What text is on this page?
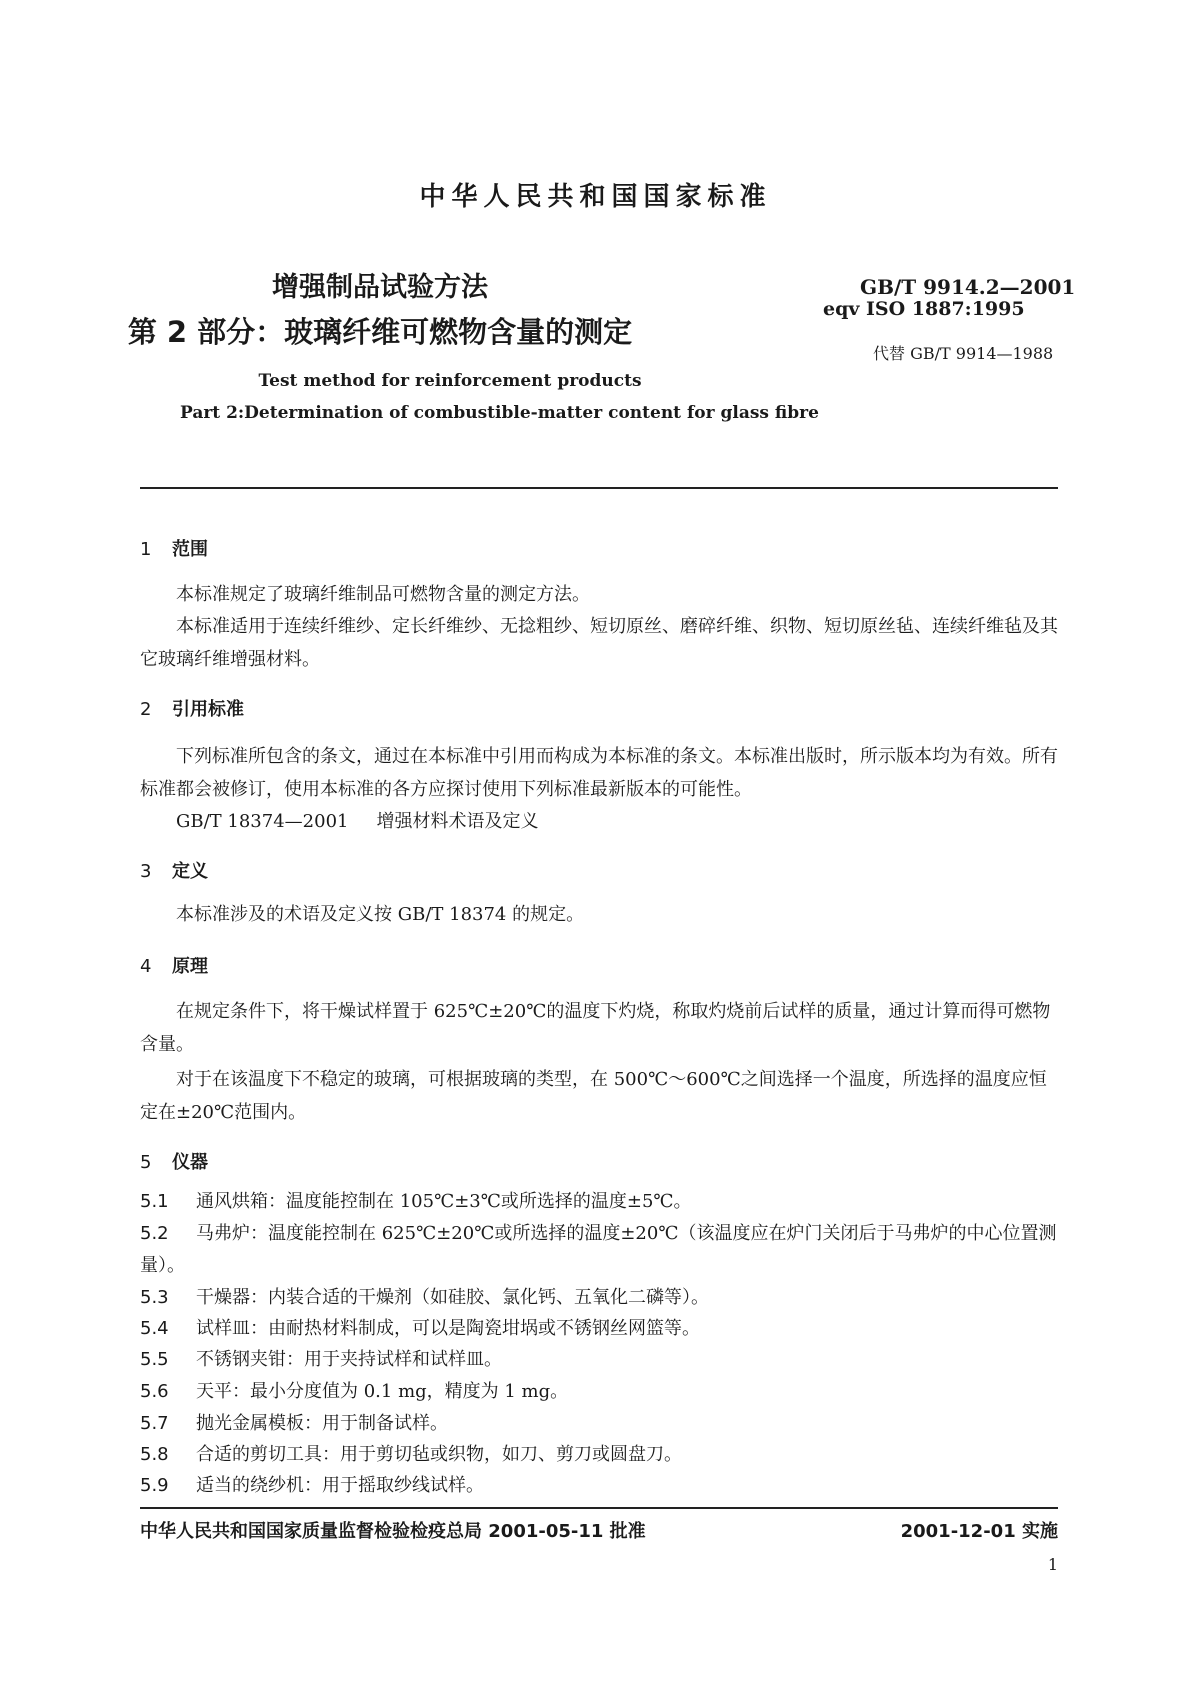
中华人民共和国国家标准
增强制品试验方法
第 2 部分：玻璃纤维可燃物含量的测定
GB/T 9914.2—2001
eqv ISO 1887:1995
代替 GB/T 9914—1988
Test method for reinforcement products
Part 2:Determination of combustible-matter content for glass fibre
1 范围
本标准规定了玻璃纤维制品可燃物含量的测定方法。
本标准适用于连续纤维纱、定长纤维纱、无捻粗纱、短切原丝、磨碎纤维、织物、短切原丝毡、连续纤维毡及其它玻璃纤维增强材料。
2 引用标准
下列标准所包含的条文，通过在本标准中引用而构成为本标准的条文。本标准出版时，所示版本均为有效。所有标准都会被修订，使用本标准的各方应探讨使用下列标准最新版本的可能性。
GB/T 18374—2001 增强材料术语及定义
3 定义
本标准涉及的术语及定义按 GB/T 18374 的规定。
4 原理
在规定条件下，将干燥试样置于 625℃±20℃的温度下灼烧，称取灼烧前后试样的质量，通过计算而得可燃物含量。
对于在该温度下不稳定的玻璃，可根据玻璃的类型，在 500℃～600℃之间选择一个温度，所选择的温度应恒定在±20℃范围内。
5 仪器
5.1 通风烘箱：温度能控制在 105℃±3℃或所选择的温度±5℃。
5.2 马弗炉：温度能控制在 625℃±20℃或所选择的温度±20℃（该温度应在炉门关闭后于马弗炉的中心位置测量）。
5.3 干燥器：内装合适的干燥剂（如硅胶、氯化钙、五氧化二磷等）。
5.4 试样皿：由耐热材料制成，可以是陶瓷坩埚或不锈钢丝网篮等。
5.5 不锈钢夹钳：用于夹持试样和试样皿。
5.6 天平：最小分度值为 0.1 mg，精度为 1 mg。
5.7 抛光金属模板：用于制备试样。
5.8 合适的剪切工具：用于剪切毡或织物，如刀、剪刀或圆盘刀。
5.9 适当的绕纱机：用于摇取纱线试样。
中华人民共和国国家质量监督检验检疫总局 2001-05-11 批准	2001-12-01 实施
1
